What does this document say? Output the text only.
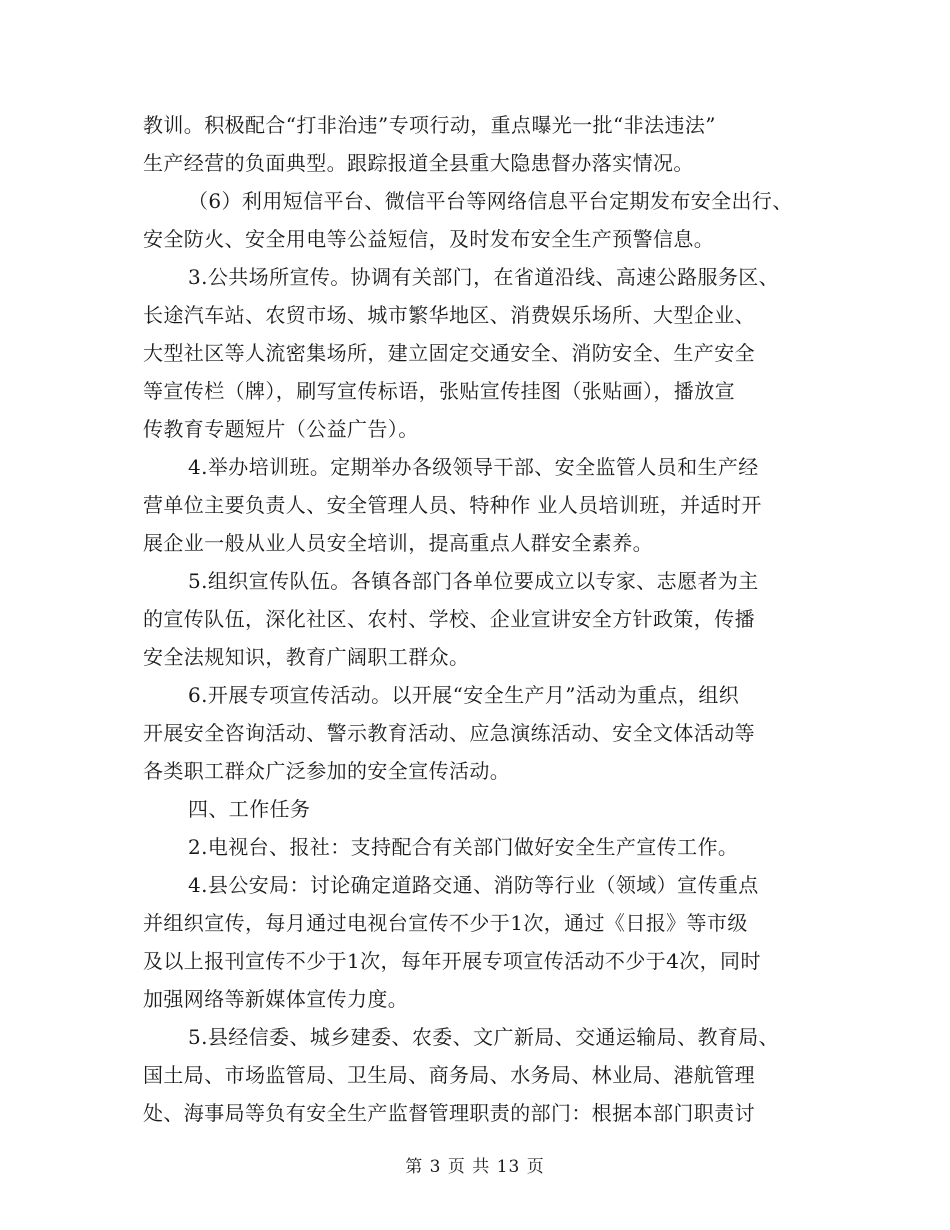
教训。积极配合“打非治违”专项行动，重点曝光一批“非法违法”
生产经营的负面典型。跟踪报道全县重大隐患督办落实情况。
（6）利用短信平台、微信平台等网络信息平台定期发布安全出行、
安全防火、安全用电等公益短信，及时发布安全生产预警信息。
3.公共场所宣传。协调有关部门，在省道沿线、高速公路服务区、
长途汽车站、农贸市场、城市繁华地区、消费娱乐场所、大型企业、
大型社区等人流密集场所，建立固定交通安全、消防安全、生产安全
等宣传栏（牌），刷写宣传标语，张贴宣传挂图（张贴画），播放宣
传教育专题短片（公益广告）。
4.举办培训班。定期举办各级领导干部、安全监管人员和生产经
营单位主要负责人、安全管理人员、特种作 业人员培训班，并适时开
展企业一般从业人员安全培训，提高重点人群安全素养。
5.组织宣传队伍。各镇各部门各单位要成立以专家、志愿者为主
的宣传队伍，深化社区、农村、学校、企业宣讲安全方针政策，传播
安全法规知识，教育广阔职工群众。
6.开展专项宣传活动。以开展“安全生产月”活动为重点，组织
开展安全咨询活动、警示教育活动、应急演练活动、安全文体活动等
各类职工群众广泛参加的安全宣传活动。
四、工作任务
2.电视台、报社：支持配合有关部门做好安全生产宣传工作。
4.县公安局：讨论确定道路交通、消防等行业（领域）宣传重点
并组织宣传，每月通过电视台宣传不少于1次，通过《日报》等市级
及以上报刊宣传不少于1次，每年开展专项宣传活动不少于4次，同时
加强网络等新媒体宣传力度。
5.县经信委、城乡建委、农委、文广新局、交通运输局、教育局、
国土局、市场监管局、卫生局、商务局、水务局、林业局、港航管理
处、海事局等负有安全生产监督管理职责的部门：根据本部门职责讨
第 3 页 共 13 页
